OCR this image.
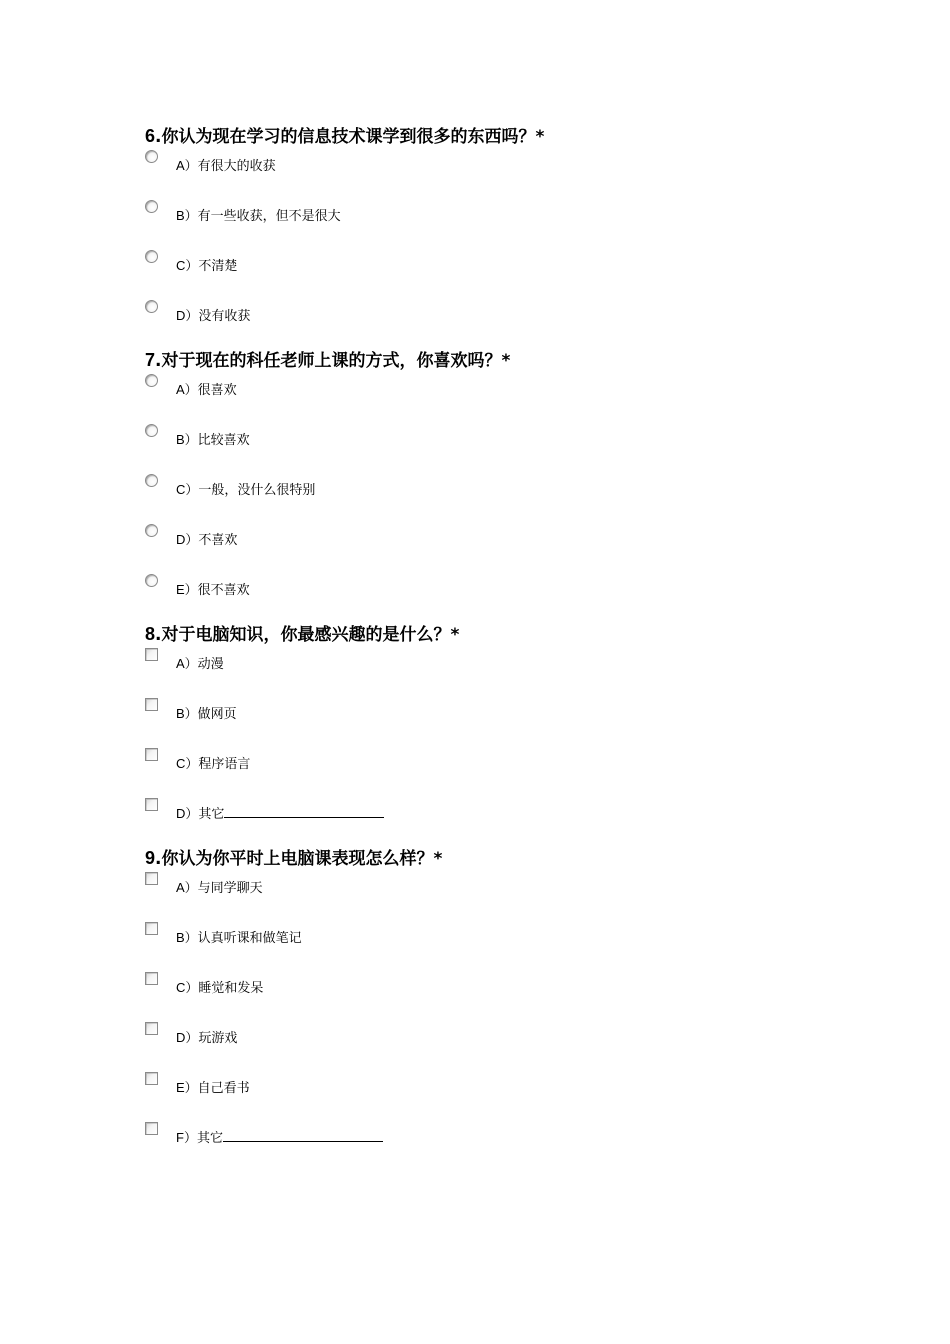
6.你认为现在学习的信息技术课学到很多的东西吗？*
A）有很大的收获
B）有一些收获，但不是很大
C）不清楚
D）没有收获
7.对于现在的科任老师上课的方式，你喜欢吗？*
A）很喜欢
B）比较喜欢
C）一般，没什么很特别
D）不喜欢
E）很不喜欢
8.对于电脑知识，你最感兴趣的是什么？*
A）动漫
B）做网页
C）程序语言
D）其它
9.你认为你平时上电脑课表现怎么样？*
A）与同学聊天
B）认真听课和做笔记
C）睡觉和发呆
D）玩游戏
E）自己看书
F）其它
